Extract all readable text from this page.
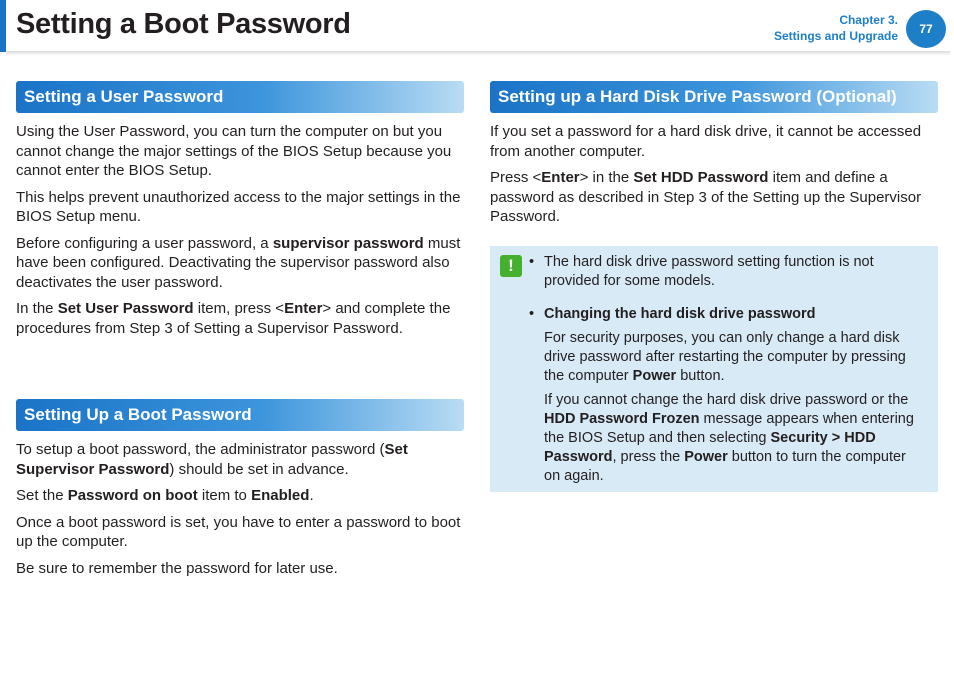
Setting a Boot Password	Chapter 3.
Settings and Upgrade	77
Setting a User Password

Using the User Password, you can turn the computer on but you cannot change the major settings of the BIOS Setup because you cannot enter the BIOS Setup.

This helps prevent unauthorized access to the major settings in the BIOS Setup menu.

Before configuring a user password, a supervisor password must have been configured. Deactivating the supervisor password also deactivates the user password.

In the Set User Password item, press <Enter> and complete the procedures from Step 3 of Setting a Supervisor Password.

Setting Up a Boot Password

To setup a boot password, the administrator password (Set Supervisor Password) should be set in advance.

Set the Password on boot item to Enabled.

Once a boot password is set, you have to enter a password to boot up the computer.

Be sure to remember the password for later use.

Setting up a Hard Disk Drive Password (Optional)

If you set a password for a hard disk drive, it cannot be accessed from another computer.

Press <Enter> in the Set HDD Password item and define a password as described in Step 3 of the Setting up the Supervisor Password.

!	• The hard disk drive password setting function is not provided for some models.
• Changing the hard disk drive password
For security purposes, you can only change a hard disk drive password after restarting the computer by pressing the computer Power button.
If you cannot change the hard disk drive password or the HDD Password Frozen message appears when entering the BIOS Setup and then selecting Security > HDD Password, press the Power button to turn the computer on again.
